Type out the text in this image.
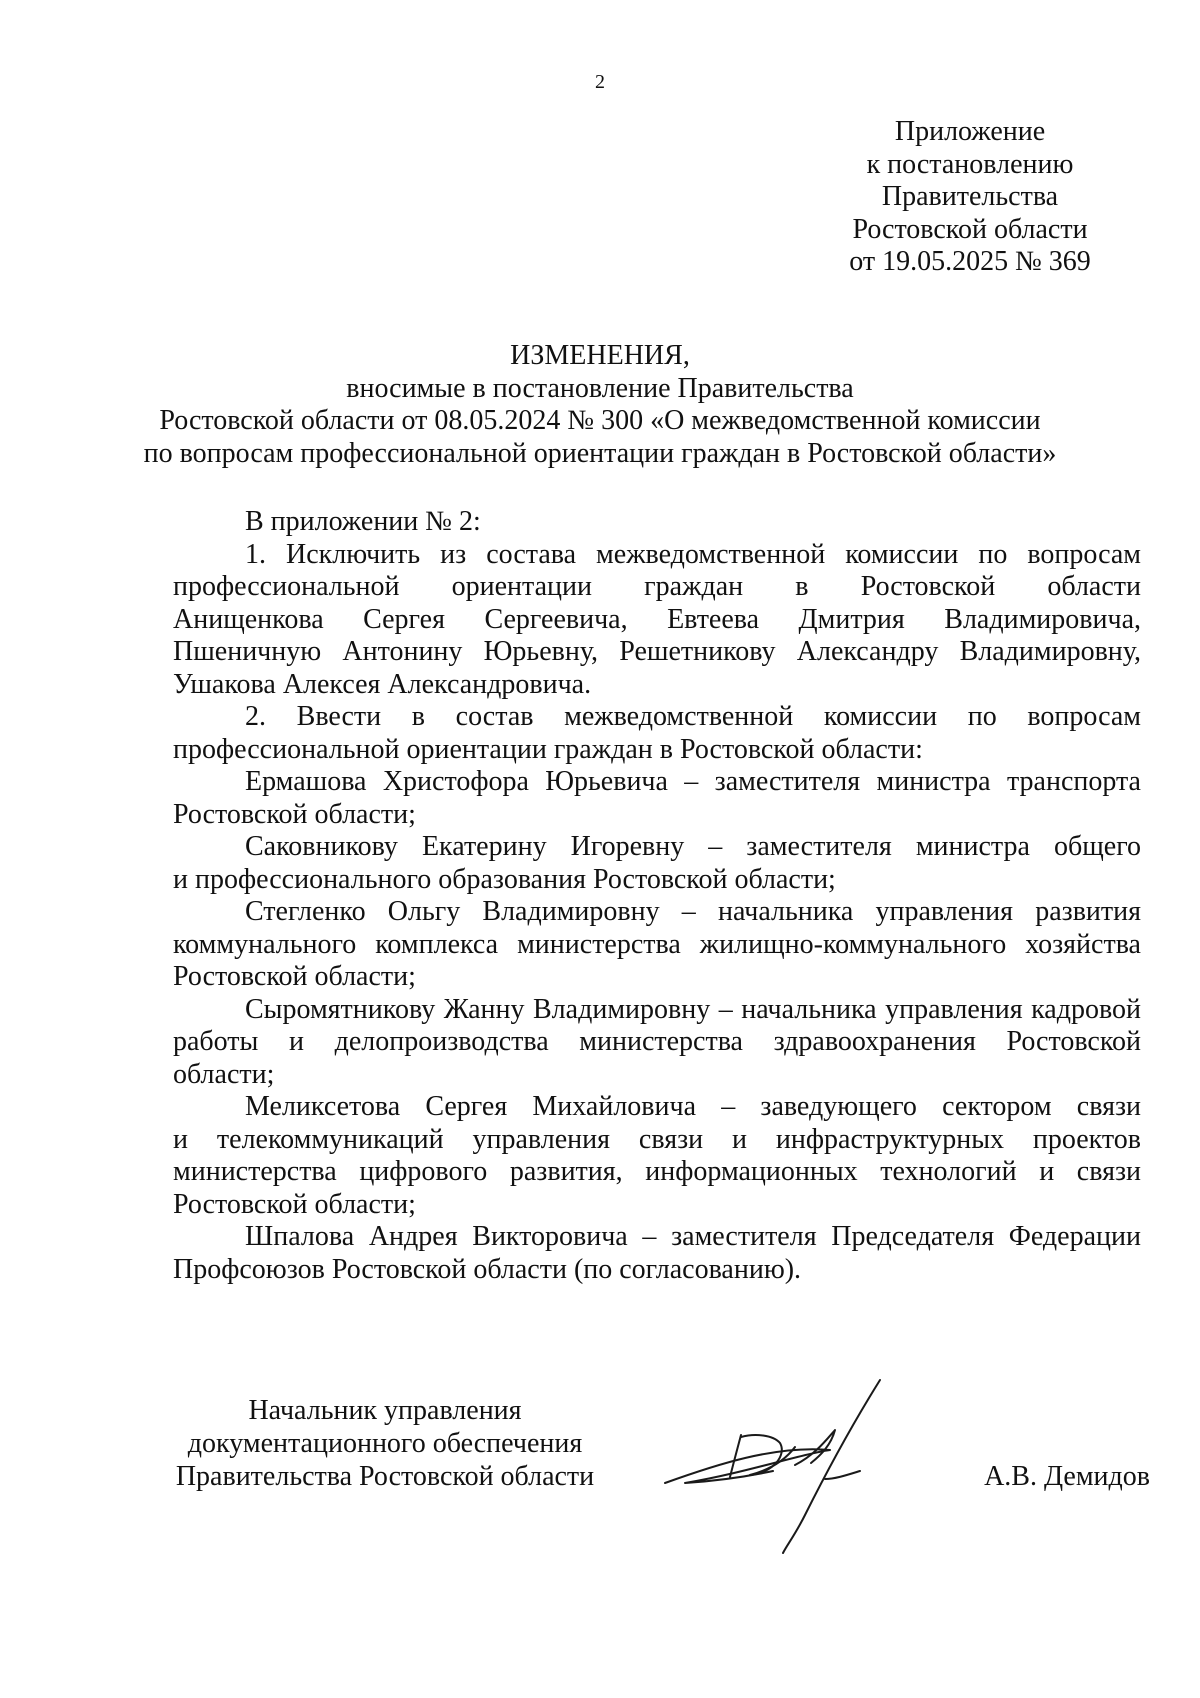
2
Приложение
к постановлению
Правительства
Ростовской области
от 19.05.2025 № 369
ИЗМЕНЕНИЯ,
вносимые в постановление Правительства
Ростовской области от 08.05.2024 № 300 «О межведомственной комиссии
по вопросам профессиональной ориентации граждан в Ростовской области»
В приложении № 2:
1. Исключить из состава межведомственной комиссии по вопросам
профессиональной ориентации граждан в Ростовской области
Анищенкова Сергея Сергеевича, Евтеева Дмитрия Владимировича,
Пшеничную Антонину Юрьевну, Решетникову Александру Владимировну,
Ушакова Алексея Александровича.
2. Ввести в состав межведомственной комиссии по вопросам
профессиональной ориентации граждан в Ростовской области:
Ермашова Христофора Юрьевича – заместителя министра транспорта
Ростовской области;
Саковникову Екатерину Игоревну – заместителя министра общего
и профессионального образования Ростовской области;
Стегленко Ольгу Владимировну – начальника управления развития
коммунального комплекса министерства жилищно-коммунального хозяйства
Ростовской области;
Сыромятникову Жанну Владимировну – начальника управления кадровой
работы и делопроизводства министерства здравоохранения Ростовской
области;
Меликсетова Сергея Михайловича – заведующего сектором связи
и телекоммуникаций управления связи и инфраструктурных проектов
министерства цифрового развития, информационных технологий и связи
Ростовской области;
Шпалова Андрея Викторовича – заместителя Председателя Федерации
Профсоюзов Ростовской области (по согласованию).
Начальник управления
документационного обеспечения
Правительства Ростовской области	А.В. Демидов
